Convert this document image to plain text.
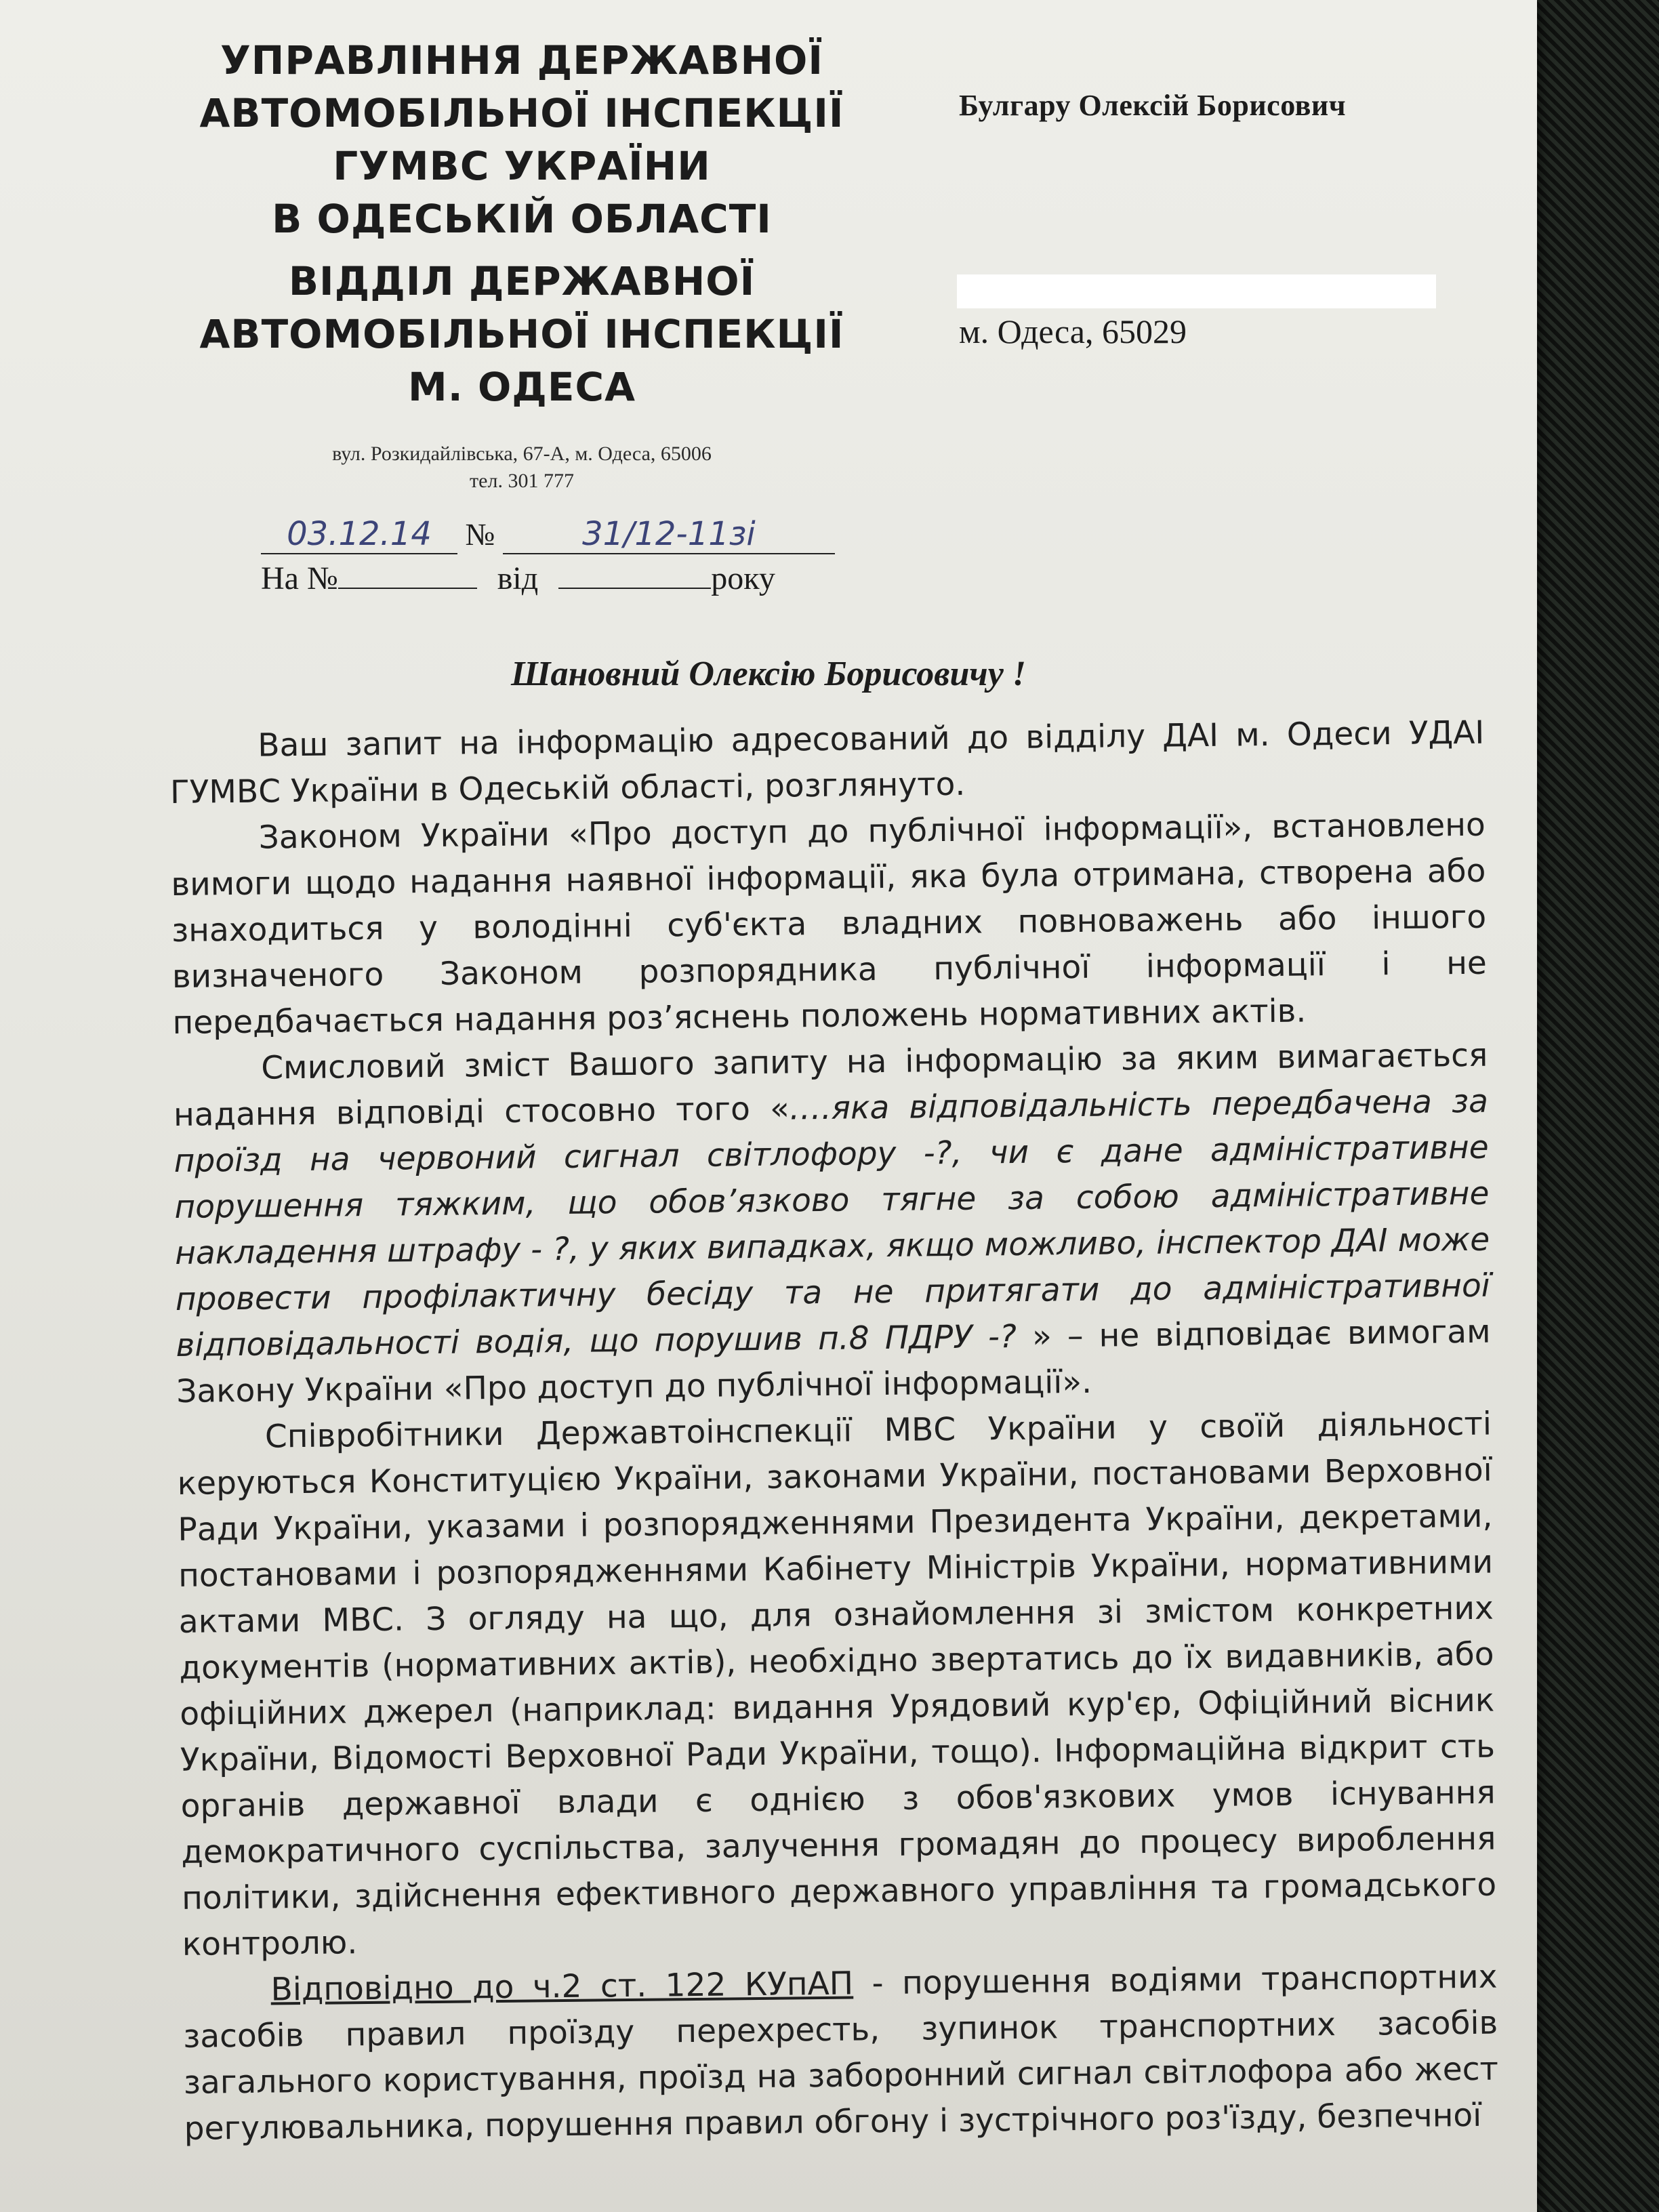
УПРАВЛІННЯ ДЕРЖАВНОЇ
АВТОМОБІЛЬНОЇ ІНСПЕКЦІЇ
ГУМВС УКРАЇНИ
В ОДЕСЬКІЙ ОБЛАСТІ
ВІДДІЛ ДЕРЖАВНОЇ
АВТОМОБІЛЬНОЇ ІНСПЕКЦІЇ
М. ОДЕСА
вул. Розкидайлівська, 67-А, м. Одеса, 65006
тел. 301 777
03.12.14 №	31/12-11зі
На №	від	року
Булгару Олексій Борисович
м. Одеса, 65029
Шановний Олексію Борисовичу !

Ваш запит на інформацію адресований до відділу ДАІ м. Одеси УДАІ ГУМВС України в Одеській області, розглянуто.

Законом України «Про доступ до публічної інформації», встановлено вимоги щодо надання наявної інформації, яка була отримана, створена або знаходиться у володінні суб'єкта владних повноважень або іншого визначеного Законом розпорядника публічної інформації і не передбачається надання роз’яснень положень нормативних актів.

Смисловий зміст Вашого запиту на інформацію за яким вимагається надання відповіді стосовно того «….яка відповідальність передбачена за проїзд на червоний сигнал світлофору -?, чи є дане адміністративне порушення тяжким, що обов’язково тягне за собою адміністративне накладення штрафу - ?, у яких випадках, якщо можливо, інспектор ДАІ може провести профілактичну бесіду та не притягати до адміністративної відповідальності водія, що порушив п.8 ПДРУ -? » – не відповідає вимогам Закону України «Про доступ до публічної інформації».

Співробітники Державтоінспекції МВС України у своїй діяльності керуються Конституцією України, законами України, постановами Верховної Ради України, указами і розпорядженнями Президента України, декретами, постановами і розпорядженнями Кабінету Міністрів України, нормативними актами МВС. З огляду на що, для ознайомлення зі змістом конкретних документів (нормативних актів), необхідно звертатись до їх видавників, або офіційних джерел (наприклад: видання Урядовий кур'єр, Офіційний вісник України, Відомості Верховної Ради України, тощо). Інформаційна відкрит сть органів державної влади є однією з обов'язкових умов існування демократичного суспільства, залучення громадян до процесу вироблення політики, здійснення ефективного державного управління та громадського контролю.

Відповідно до ч.2 ст. 122 КУпАП - порушення водіями транспортних засобів правил проїзду перехресть, зупинок транспортних засобів загального користування, проїзд на заборонний сигнал світлофора або жест регулювальника, порушення правил обгону і зустрічного роз'їзду, безпечної
